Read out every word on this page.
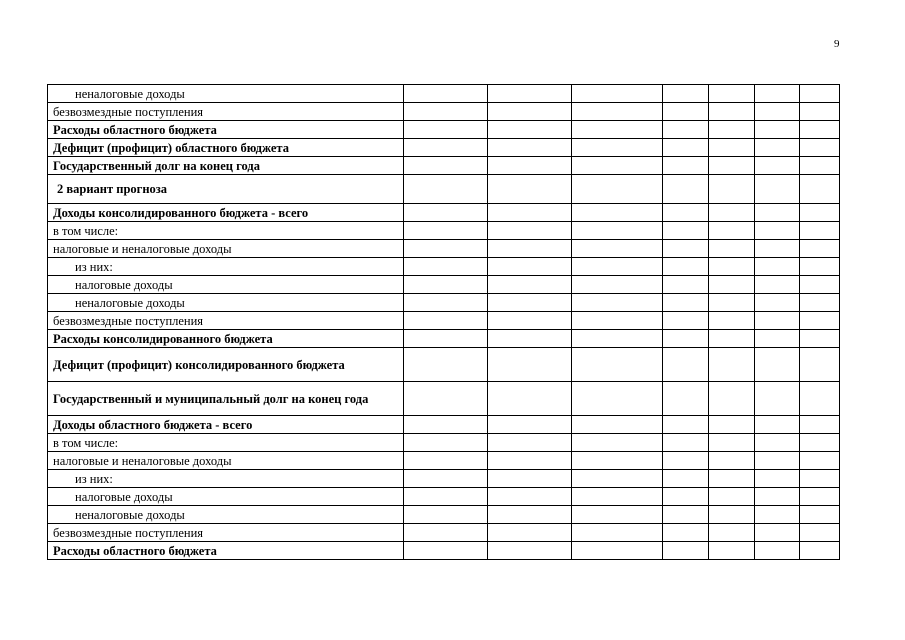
9
неналоговые доходы							
безвозмездные поступления							
Расходы областного бюджета							
Дефицит (профицит) областного бюджета							
Государственный долг на конец года							
2 вариант прогноза							
Доходы консолидированного бюджета - всего							
в том числе:							
налоговые и неналоговые доходы							
из них:							
налоговые доходы							
неналоговые доходы							
безвозмездные поступления							
Расходы консолидированного бюджета							
Дефицит (профицит) консолидированного бюджета							
Государственный и муниципальный долг на конец года							
Доходы областного бюджета - всего							
в том числе:							
налоговые и неналоговые доходы							
из них:							
налоговые доходы							
неналоговые доходы							
безвозмездные поступления							
Расходы областного бюджета							
